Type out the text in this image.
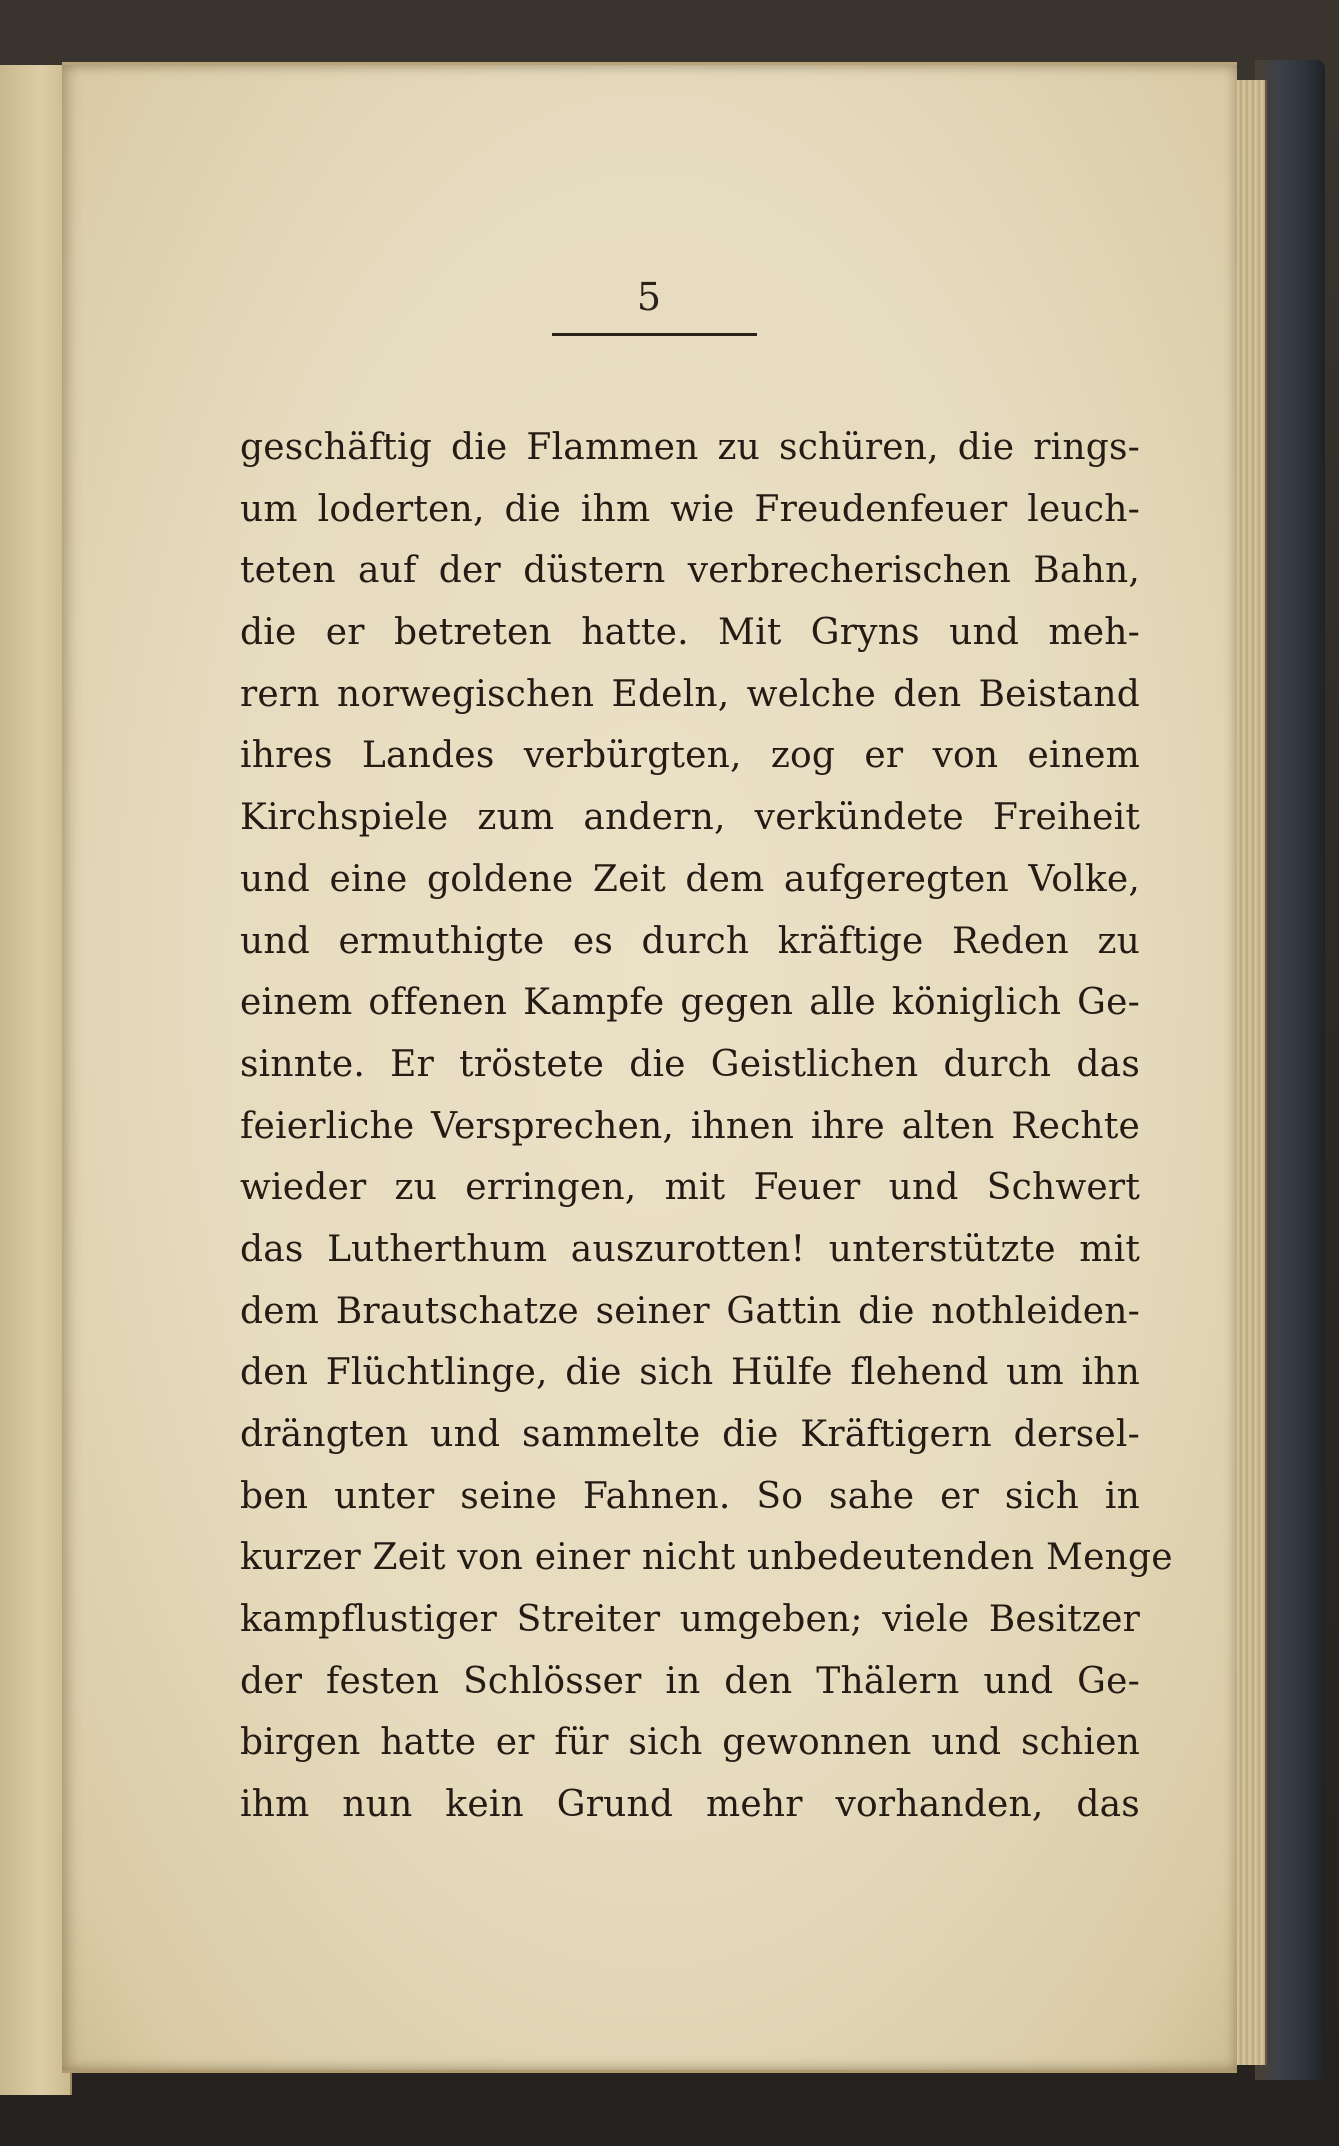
5
geschäftig die Flammen zu schüren, die rings-
um loderten, die ihm wie Freudenfeuer leuch-
teten auf der düstern verbrecherischen Bahn,
die er betreten hatte. Mit Gryns und meh-
rern norwegischen Edeln, welche den Beistand
ihres Landes verbürgten, zog er von einem
Kirchspiele zum andern, verkündete Freiheit
und eine goldene Zeit dem aufgeregten Volke,
und ermuthigte es durch kräftige Reden zu
einem offenen Kampfe gegen alle königlich Ge-
sinnte. Er tröstete die Geistlichen durch das
feierliche Versprechen, ihnen ihre alten Rechte
wieder zu erringen, mit Feuer und Schwert
das Lutherthum auszurotten! unterstützte mit
dem Brautschatze seiner Gattin die nothleiden-
den Flüchtlinge, die sich Hülfe flehend um ihn
drängten und sammelte die Kräftigern dersel-
ben unter seine Fahnen. So sahe er sich in
kurzer Zeit von einer nicht unbedeutenden Menge
kampflustiger Streiter umgeben; viele Besitzer
der festen Schlösser in den Thälern und Ge-
birgen hatte er für sich gewonnen und schien
ihm nun kein Grund mehr vorhanden, das
